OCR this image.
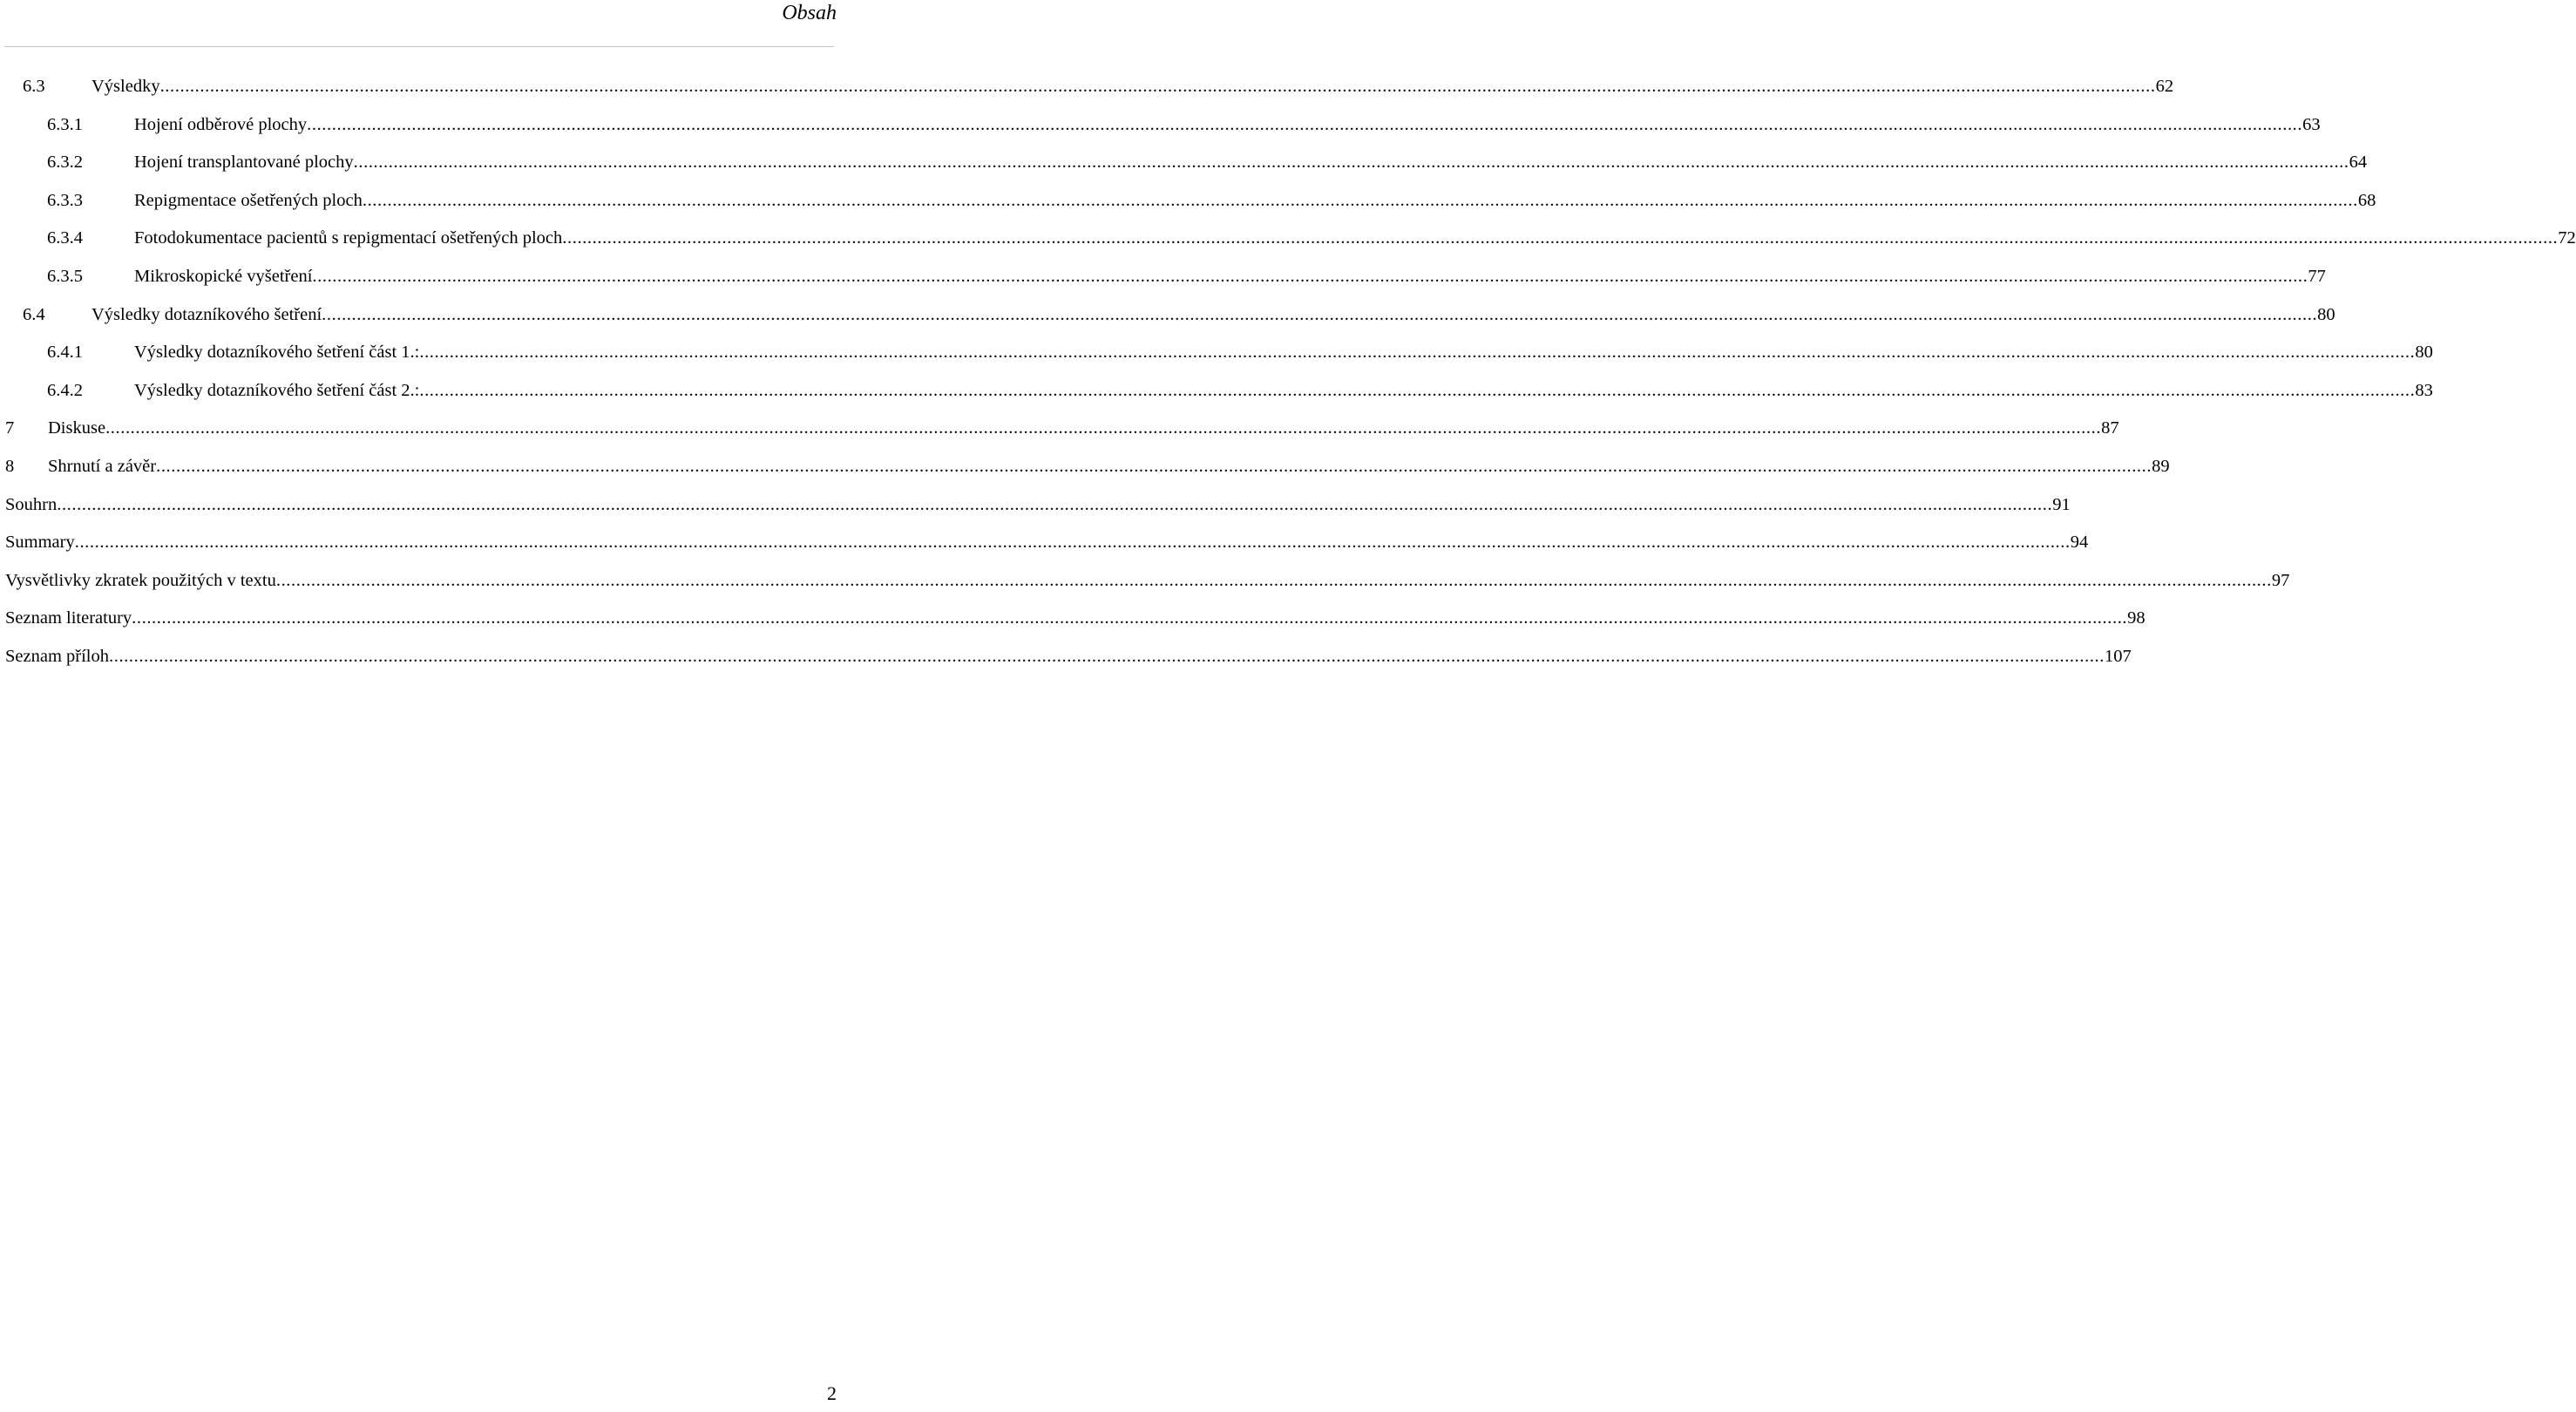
Obsah
6.3	Výsledky ................................................................................................................................................................................................................................................................................................................................................................................................................ 62
6.3.1	Hojení odběrové plochy ................................................................................................................................................................................................................................................................................................................................................................................................................ 63
6.3.2	Hojení transplantované plochy ................................................................................................................................................................................................................................................................................................................................................................................................................ 64
6.3.3	Repigmentace ošetřených ploch ................................................................................................................................................................................................................................................................................................................................................................................................................ 68
6.3.4	Fotodokumentace pacientů s repigmentací ošetřených ploch ................................................................................................................................................................................................................................................................................................................................................................................................................ 72
6.3.5	Mikroskopické vyšetření ................................................................................................................................................................................................................................................................................................................................................................................................................ 77
6.4	Výsledky dotazníkového šetření ................................................................................................................................................................................................................................................................................................................................................................................................................ 80
6.4.1	Výsledky dotazníkového šetření část 1.: ................................................................................................................................................................................................................................................................................................................................................................................................................ 80
6.4.2	Výsledky dotazníkového šetření část 2.: ................................................................................................................................................................................................................................................................................................................................................................................................................ 83
7 Diskuse ................................................................................................................................................................................................................................................................................................................................................................................................................ 87
8 Shrnutí a závěr ................................................................................................................................................................................................................................................................................................................................................................................................................ 89
Souhrn ................................................................................................................................................................................................................................................................................................................................................................................................................ 91
Summary ................................................................................................................................................................................................................................................................................................................................................................................................................ 94
Vysvětlivky zkratek použitých v textu ................................................................................................................................................................................................................................................................................................................................................................................................................ 97
Seznam literatury ................................................................................................................................................................................................................................................................................................................................................................................................................ 98
Seznam příloh ................................................................................................................................................................................................................................................................................................................................................................................................................ 107
2
